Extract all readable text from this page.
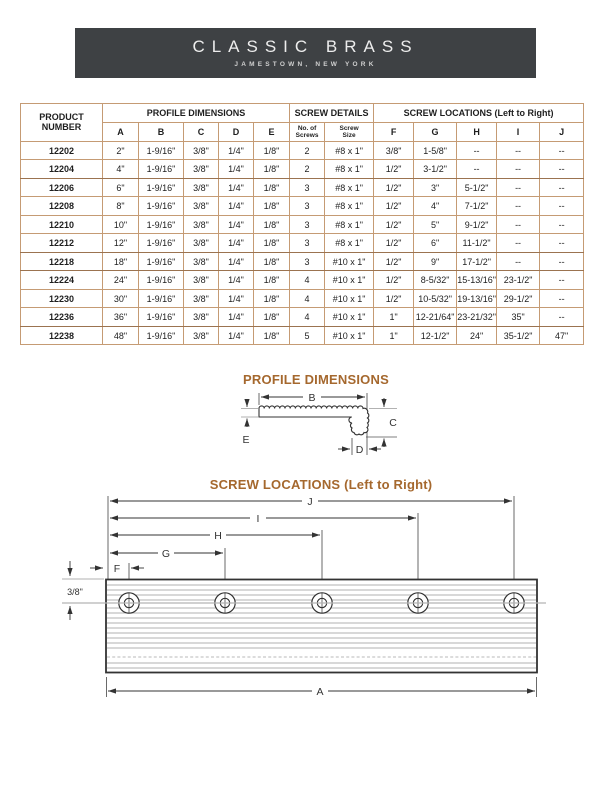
CLASSIC BRASS
JAMESTOWN, NEW YORK
PRODUCT NUMBER	PROFILE DIMENSIONS					SCREW DETAILS		SCREW LOCATIONS (Left to Right)				
	A	B	C	D	E	No. of Screws	Screw Size	F	G	H	I	J
12202	2"	1-9/16"	3/8"	1/4"	1/8"	2	#8 x 1"	3/8"	1-5/8"	--	--	--
12204	4"	1-9/16"	3/8"	1/4"	1/8"	2	#8 x 1"	1/2"	3-1/2"	--	--	--
12206	6"	1-9/16"	3/8"	1/4"	1/8"	3	#8 x 1"	1/2"	3"	5-1/2"	--	--
12208	8"	1-9/16"	3/8"	1/4"	1/8"	3	#8 x 1"	1/2"	4"	7-1/2"	--	--
12210	10"	1-9/16"	3/8"	1/4"	1/8"	3	#8 x 1"	1/2"	5"	9-1/2"	--	--
12212	12"	1-9/16"	3/8"	1/4"	1/8"	3	#8 x 1"	1/2"	6"	11-1/2"	--	--
12218	18"	1-9/16"	3/8"	1/4"	1/8"	3	#10 x 1"	1/2"	9"	17-1/2"	--	--
12224	24"	1-9/16"	3/8"	1/4"	1/8"	4	#10 x 1"	1/2"	8-5/32"	15-13/16"	23-1/2"	--
12230	30"	1-9/16"	3/8"	1/4"	1/8"	4	#10 x 1"	1/2"	10-5/32"	19-13/16"	29-1/2"	--
12236	36"	1-9/16"	3/8"	1/4"	1/8"	4	#10 x 1"	1"	12-21/64"	23-21/32"	35"	--
12238	48"	1-9/16"	3/8"	1/4"	1/8"	5	#10 x 1"	1"	12-1/2"	24"	35-1/2"	47"
PROFILE DIMENSIONS
B
E
C
D
SCREW LOCATIONS (Left to Right)
J
I
H
G
F
3/8"
A
